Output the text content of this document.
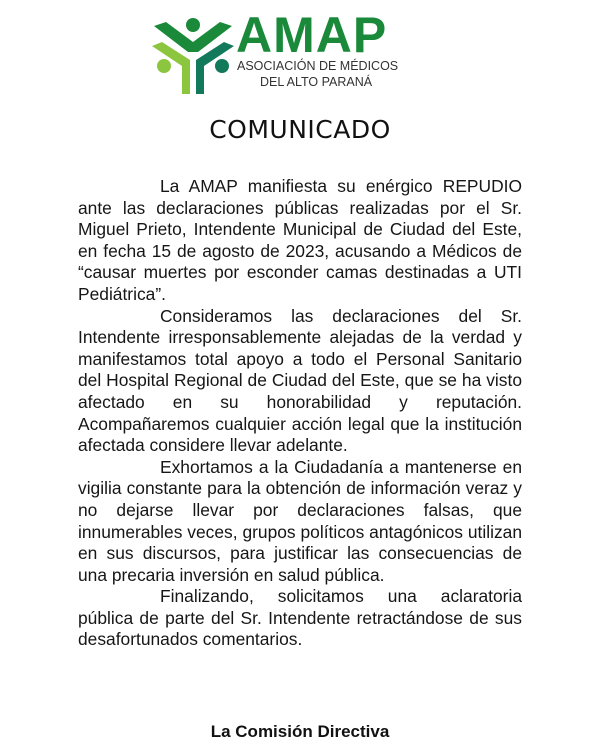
AMAP
ASOCIACIÓN DE MÉDICOS
DEL ALTO PARANÁ
COMUNICADO

La AMAP manifiesta su enérgico REPUDIO ante las declaraciones públicas realizadas por el Sr. Miguel Prieto, Intendente Municipal de Ciudad del Este, en fecha 15 de agosto de 2023, acusando a Médicos de “causar muertes por esconder camas destinadas a UTI Pediátrica”.

Consideramos las declaraciones del Sr. Intendente irresponsablemente alejadas de la verdad y manifestamos total apoyo a todo el Personal Sanitario del Hospital Regional de Ciudad del Este, que se ha visto afectado en su honorabilidad y reputación. Acompañaremos cualquier acción legal que la institución afectada considere llevar adelante.

Exhortamos a la Ciudadanía a mantenerse en vigilia constante para la obtención de información veraz y no dejarse llevar por declaraciones falsas, que innumerables veces, grupos políticos antagónicos utilizan en sus discursos, para justificar las consecuencias de una precaria inversión en salud pública.

Finalizando, solicitamos una aclaratoria pública de parte del Sr. Intendente retractándose de sus desafortunados comentarios.

La Comisión Directiva
